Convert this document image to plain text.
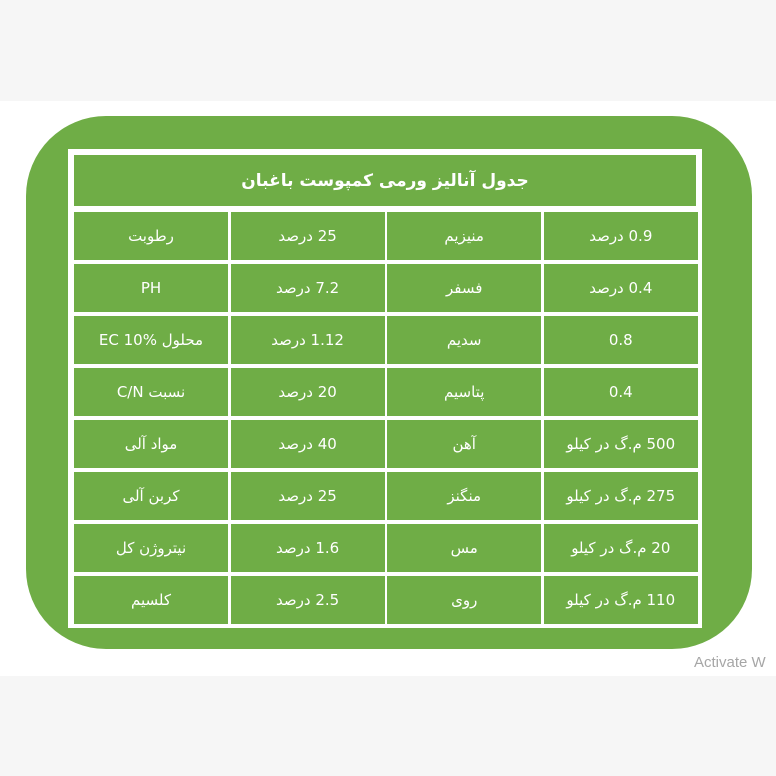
جدول آنالیز ورمی کمپوست باغبان
رطوبت	25 درصد	منیزیم	0.9 درصد
PH	7.2 درصد	فسفر	0.4 درصد
EC 10% محلول	1.12 درصد	سدیم	0.8
نسبت C/N	20 درصد	پتاسیم	0.4
مواد آلی	40 درصد	آهن	500 م.گ در کیلو
کربن آلی	25 درصد	منگنز	275 م.گ در کیلو
نیتروژن کل	1.6 درصد	مس	20 م.گ در کیلو
کلسیم	2.5 درصد	روی	110 م.گ در کیلو
Activate W
